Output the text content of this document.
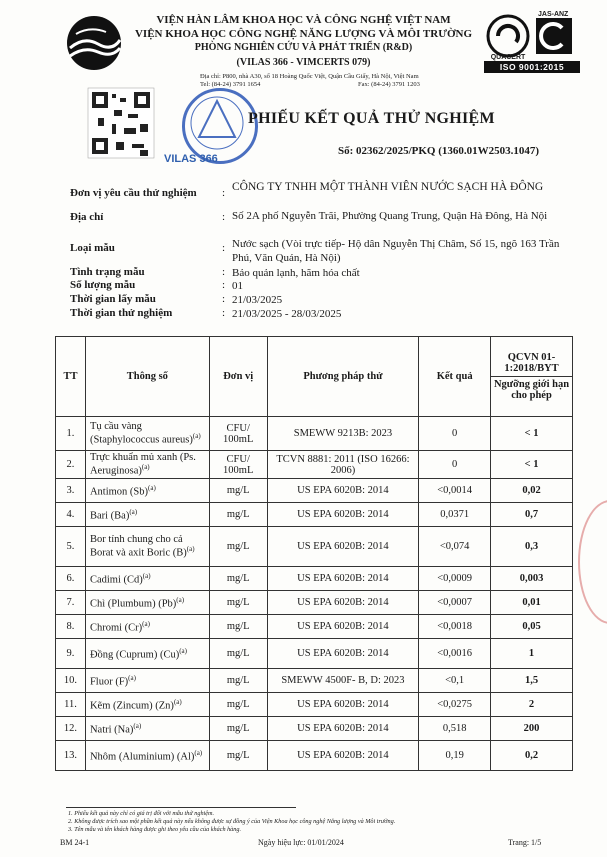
VIỆN HÀN LÂM KHOA HỌC VÀ CÔNG NGHỆ VIỆT NAM
VIỆN KHOA HỌC CÔNG NGHỆ NĂNG LƯỢNG VÀ MÔI TRƯỜNG
PHÒNG NGHIÊN CỨU VÀ PHÁT TRIỂN (R&D)
(VILAS 366 - VIMCERTS 079)
Địa chỉ: P800, nhà A30, số 18 Hoàng Quốc Việt, Quận Cầu Giấy, Hà Nội, Việt Nam
Tel: (84-24) 3791 1654	Fax: (84-24) 3791 1203
JAS-ANZ
QUACERT
ISO 9001:2015
VILAS 366
PHIẾU KẾT QUẢ THỬ NGHIỆM
Số: 02362/2025/PKQ (1360.01W2503.1047)
Đơn vị yêu cầu thử nghiệm : CÔNG TY TNHH MỘT THÀNH VIÊN NƯỚC SẠCH HÀ ĐÔNG
Địa chỉ	: Số 2A phố Nguyễn Trãi, Phường Quang Trung, Quận Hà Đông, Hà Nội
Loại mẫu	: Nước sạch (Vòi trực tiếp- Hộ dân Nguyễn Thị Châm, Số 15, ngõ 163 Trần Phú, Văn Quán, Hà Nội)
Tình trạng mẫu	: Bảo quản lạnh, hãm hóa chất
Số lượng mẫu	: 01
Thời gian lấy mẫu	: 21/03/2025
Thời gian thử nghiệm	: 21/03/2025 - 28/03/2025
TT	Thông số	Đơn vị	Phương pháp thử	Kết quả	QCVN 01-1:2018/BYT
Ngưỡng giới hạn cho phép

1.	Tụ cầu vàng (Staphylococcus aureus)$^{(a)}$	CFU/ 100mL	SMEWW 9213B: 2023	0	< 1
2.	Trực khuẩn mủ xanh (Ps. Aeruginosa)$^{(a)}$	CFU/ 100mL	TCVN 8881: 2011 (ISO 16266: 2006)	0	< 1
3.	Antimon $(Sb)^{(a)}$	mg/L	US EPA 6020B: 2014	<0,0014	0,02
4.	Bari $(Ba)^{(a)}$	mg/L	US EPA 6020B: 2014	0,0371	0,7
5.	Bor tính chung cho cả Borat và axit Boric $(B)^{(a)}$	mg/L	US EPA 6020B: 2014	<0,074	0,3
6.	Cadimi $(Cd)^{(a)}$	mg/L	US EPA 6020B: 2014	<0,0009	0,003
7.	Chì (Plumbum) $(Pb)^{(a)}$	mg/L	US EPA 6020B: 2014	<0,0007	0,01
8.	Chromi $(Cr)^{(a)}$	mg/L	US EPA 6020B: 2014	<0,0018	0,05
9.	Đồng (Cuprum) $(Cu)^{(a)}$	mg/L	US EPA 6020B: 2014	<0,0016	1
10.	Fluor $(F)^{(a)}$	mg/L	SMEWW 4500F- B, D: 2023	<0,1	1,5
11.	Kẽm (Zincum) $(Zn)^{(a)}$	mg/L	US EPA 6020B: 2014	<0,0275	2
12.	Natri $(Na)^{(a)}$	mg/L	US EPA 6020B: 2014	0,518	200
13.	Nhôm (Aluminium) $(Al)^{(a)}$	mg/L	US EPA 6020B: 2014	0,19	0,2
1. Phiếu kết quả này chỉ có giá trị đối với mẫu thử nghiệm.
2. Không được trích sao một phần kết quả này nếu không được sự đồng ý của Viện Khoa học công nghệ Năng lượng và Môi trường.
3. Tên mẫu và tên khách hàng được ghi theo yêu cầu của khách hàng.
BM 24-1	Ngày hiệu lực: 01/01/2024	Trang: 1/5
